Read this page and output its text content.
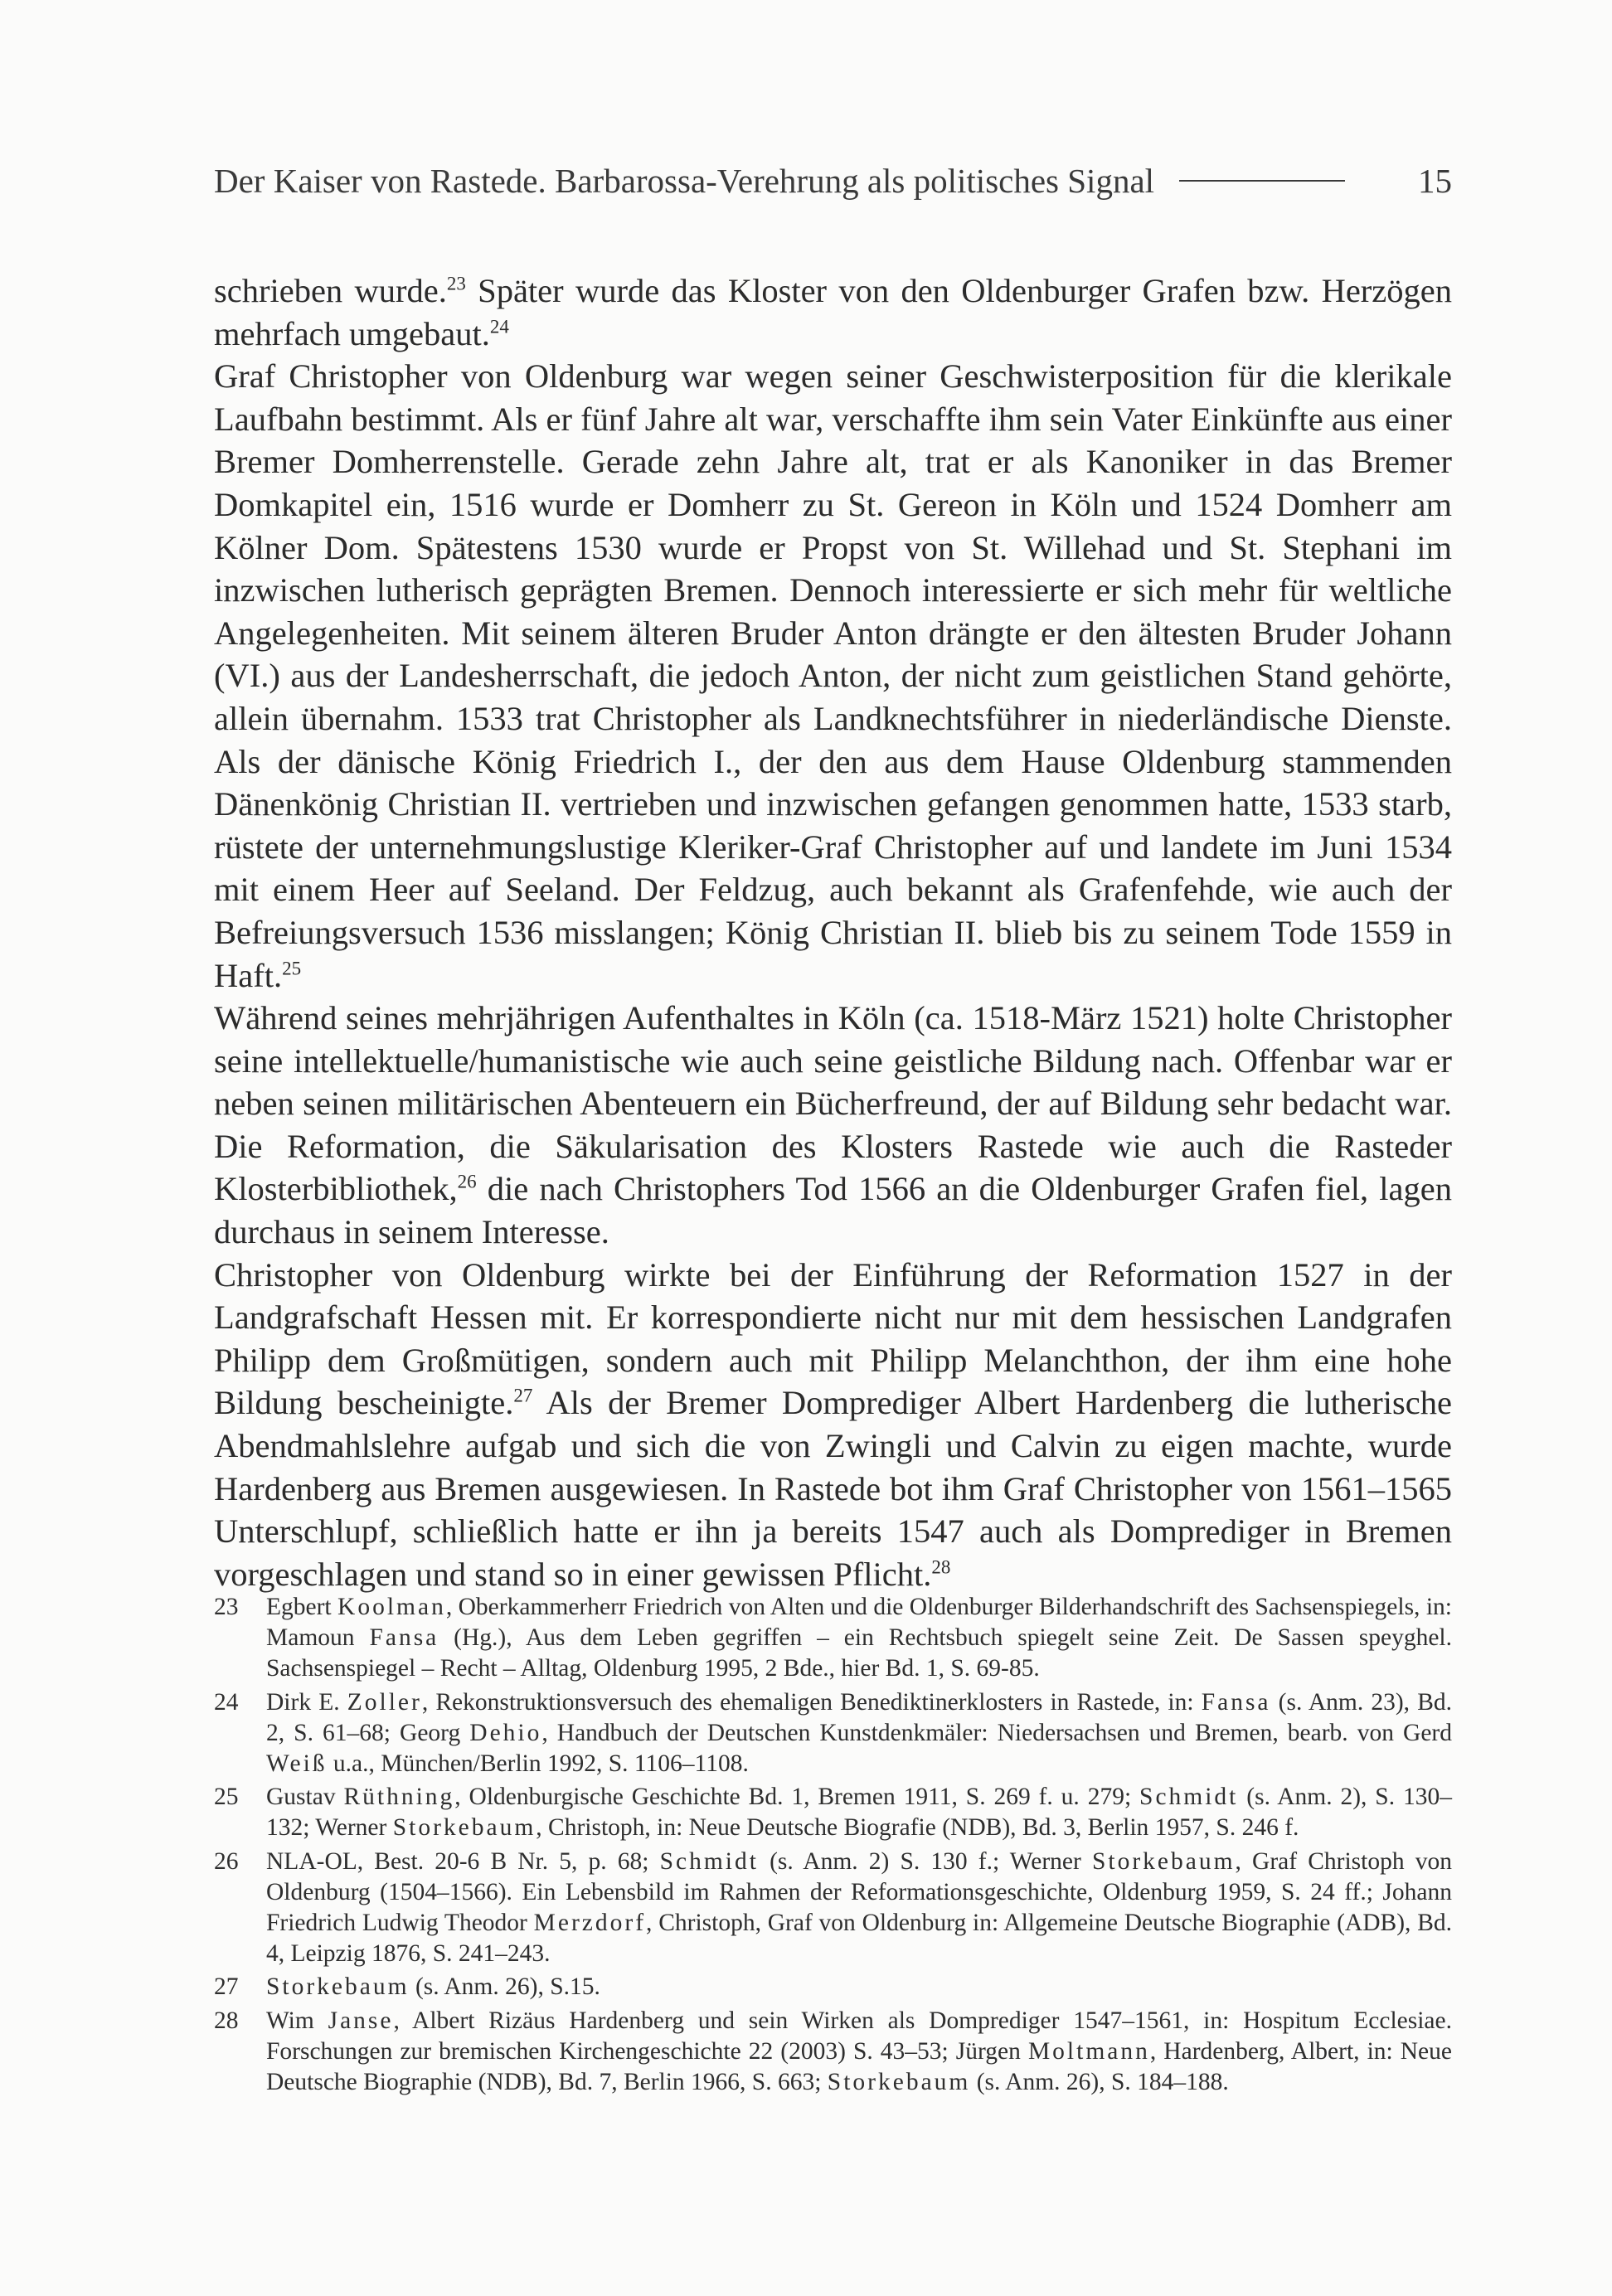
Der Kaiser von Rastede. Barbarossa-Verehrung als politisches Signal	15

schrieben wurde.$^{23}$ Später wurde das Kloster von den Oldenburger Grafen bzw. Herzögen mehrfach umgebaut.$^{24}$

Graf Christopher von Oldenburg war wegen seiner Geschwisterposition für die klerikale Laufbahn bestimmt. Als er fünf Jahre alt war, verschaffte ihm sein Vater Einkünfte aus einer Bremer Domherrenstelle. Gerade zehn Jahre alt, trat er als Kanoniker in das Bremer Domkapitel ein, 1516 wurde er Domherr zu St. Gereon in Köln und 1524 Domherr am Kölner Dom. Spätestens 1530 wurde er Propst von St. Willehad und St. Stephani im inzwischen lutherisch geprägten Bremen. Dennoch interessierte er sich mehr für weltliche Angelegenheiten. Mit seinem älteren Bruder Anton drängte er den ältesten Bruder Johann (VI.) aus der Landesherrschaft, die jedoch Anton, der nicht zum geistlichen Stand gehörte, allein übernahm. 1533 trat Christopher als Landknechtsführer in niederländische Dienste. Als der dänische König Friedrich I., der den aus dem Hause Oldenburg stammenden Dänenkönig Christian II. vertrieben und inzwischen gefangen genommen hatte, 1533 starb, rüstete der unternehmungslustige Kleriker-Graf Christopher auf und landete im Juni 1534 mit einem Heer auf Seeland. Der Feldzug, auch bekannt als Grafenfehde, wie auch der Befreiungsversuch 1536 misslangen; König Christian II. blieb bis zu seinem Tode 1559 in Haft.$^{25}$

Während seines mehrjährigen Aufenthaltes in Köln (ca. 1518-März 1521) holte Christopher seine intellektuelle/humanistische wie auch seine geistliche Bildung nach. Offenbar war er neben seinen militärischen Abenteuern ein Bücherfreund, der auf Bildung sehr bedacht war. Die Reformation, die Säkularisation des Klosters Rastede wie auch die Rasteder Klosterbibliothek,$^{26}$ die nach Christophers Tod 1566 an die Oldenburger Grafen fiel, lagen durchaus in seinem Interesse.

Christopher von Oldenburg wirkte bei der Einführung der Reformation 1527 in der Landgrafschaft Hessen mit. Er korrespondierte nicht nur mit dem hessischen Landgrafen Philipp dem Großmütigen, sondern auch mit Philipp Melanchthon, der ihm eine hohe Bildung bescheinigte.$^{27}$ Als der Bremer Domprediger Albert Hardenberg die lutherische Abendmahlslehre aufgab und sich die von Zwingli und Calvin zu eigen machte, wurde Hardenberg aus Bremen ausgewiesen. In Rastede bot ihm Graf Christopher von 1561–1565 Unterschlupf, schließlich hatte er ihn ja bereits 1547 auch als Domprediger in Bremen vorgeschlagen und stand so in einer gewissen Pflicht.$^{28}$

23	Egbert Koolman, Oberkammerherr Friedrich von Alten und die Oldenburger Bilderhandschrift des Sachsenspiegels, in: Mamoun Fansa (Hg.), Aus dem Leben gegriffen – ein Rechtsbuch spiegelt seine Zeit. De Sassen speyghel. Sachsenspiegel – Recht – Alltag, Oldenburg 1995, 2 Bde., hier Bd. 1, S. 69-85.
24	Dirk E. Zoller, Rekonstruktionsversuch des ehemaligen Benediktinerklosters in Rastede, in: Fansa (s. Anm. 23), Bd. 2, S. 61–68; Georg Dehio, Handbuch der Deutschen Kunstdenkmäler: Niedersachsen und Bremen, bearb. von Gerd Weiß u.a., München/Berlin 1992, S. 1106–1108.
25	Gustav Rüthning, Oldenburgische Geschichte Bd. 1, Bremen 1911, S. 269 f. u. 279; Schmidt (s. Anm. 2), S. 130–132; Werner Storkebaum, Christoph, in: Neue Deutsche Biografie (NDB), Bd. 3, Berlin 1957, S. 246 f.
26	NLA-OL, Best. 20-6 B Nr. 5, p. 68; Schmidt (s. Anm. 2) S. 130 f.; Werner Storkebaum, Graf Christoph von Oldenburg (1504–1566). Ein Lebensbild im Rahmen der Reformationsgeschichte, Oldenburg 1959, S. 24 ff.; Johann Friedrich Ludwig Theodor Merzdorf, Christoph, Graf von Oldenburg in: Allgemeine Deutsche Biographie (ADB), Bd. 4, Leipzig 1876, S. 241–243.
27	Storkebaum (s. Anm. 26), S.15.
28	Wim Janse, Albert Rizäus Hardenberg und sein Wirken als Domprediger 1547–1561, in: Hospitum Ecclesiae. Forschungen zur bremischen Kirchengeschichte 22 (2003) S. 43–53; Jürgen Moltmann, Hardenberg, Albert, in: Neue Deutsche Biographie (NDB), Bd. 7, Berlin 1966, S. 663; Storkebaum (s. Anm. 26), S. 184–188.
